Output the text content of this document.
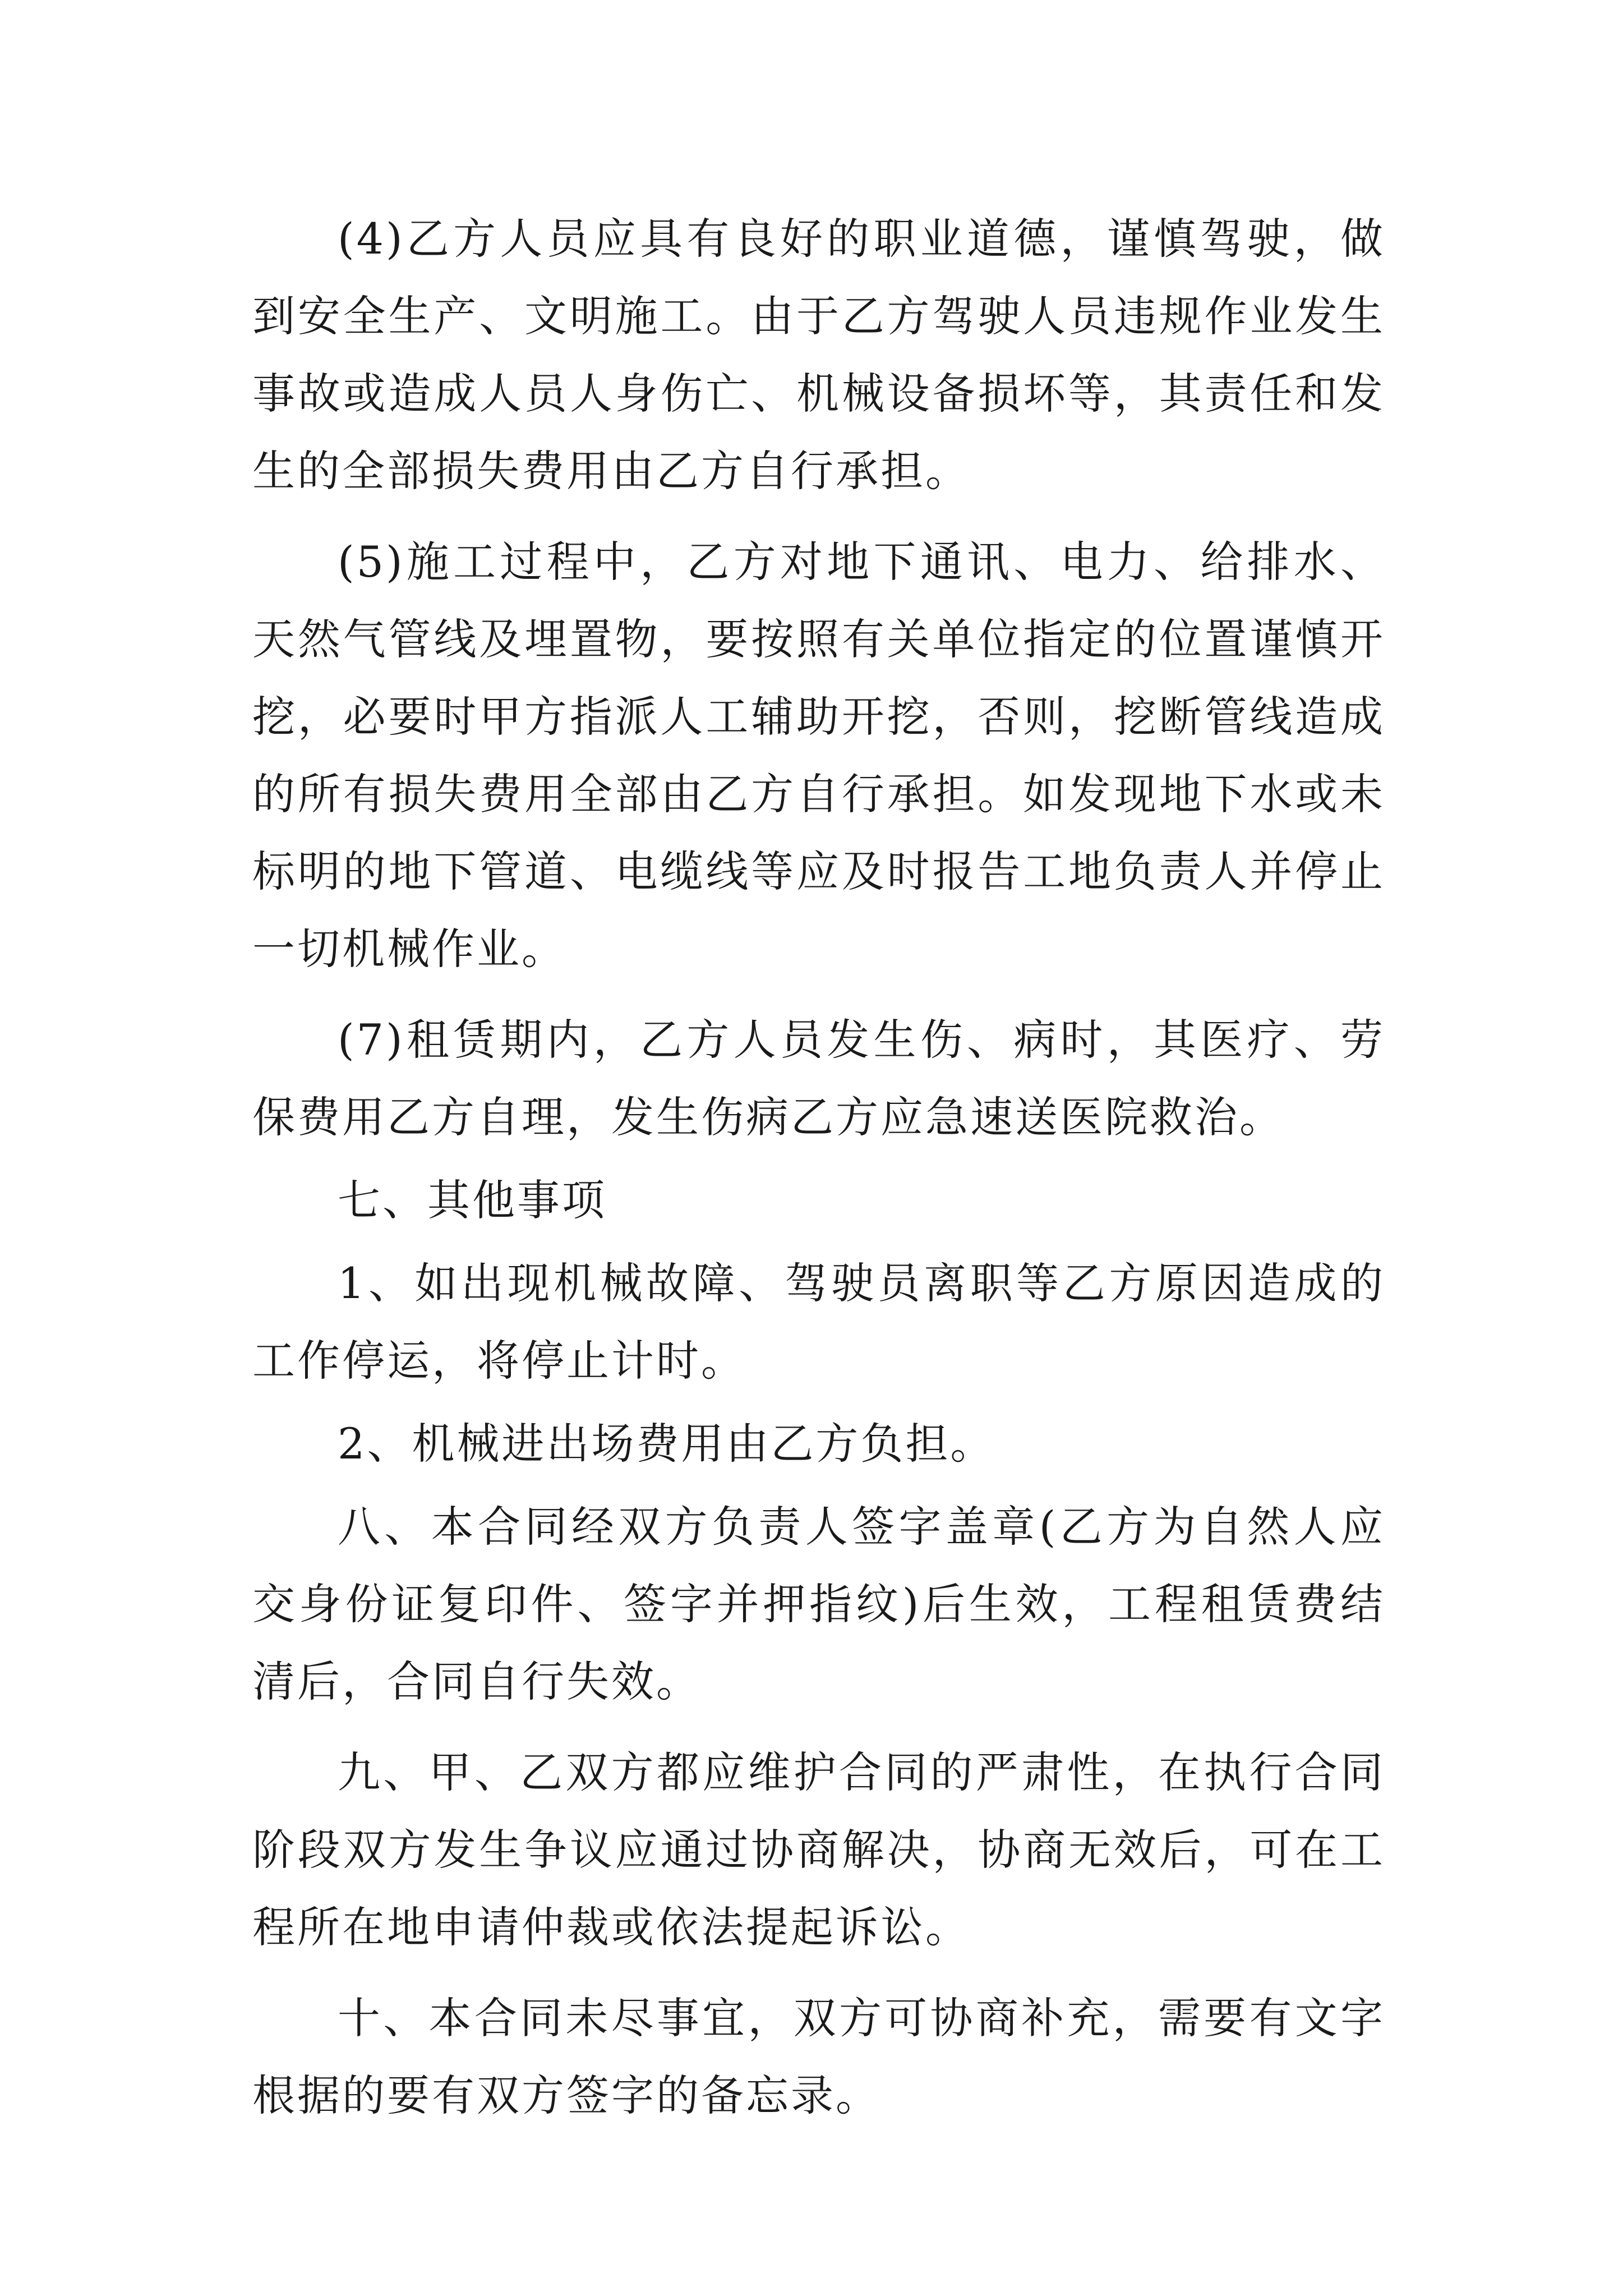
(4)乙方人员应具有良好的职业道德，谨慎驾驶，做到安全生产、文明施工。由于乙方驾驶人员违规作业发生事故或造成人员人身伤亡、机械设备损坏等，其责任和发生的全部损失费用由乙方自行承担。

(5)施工过程中，乙方对地下通讯、电力、给排水、天然气管线及埋置物，要按照有关单位指定的位置谨慎开挖，必要时甲方指派人工辅助开挖，否则，挖断管线造成的所有损失费用全部由乙方自行承担。如发现地下水或未标明的地下管道、电缆线等应及时报告工地负责人并停止一切机械作业。

(7)租赁期内，乙方人员发生伤、病时，其医疗、劳保费用乙方自理，发生伤病乙方应急速送医院救治。

七、其他事项

1、如出现机械故障、驾驶员离职等乙方原因造成的工作停运，将停止计时。

2、机械进出场费用由乙方负担。

八、本合同经双方负责人签字盖章(乙方为自然人应交身份证复印件、签字并押指纹)后生效，工程租赁费结清后，合同自行失效。

九、甲、乙双方都应维护合同的严肃性，在执行合同阶段双方发生争议应通过协商解决，协商无效后，可在工程所在地申请仲裁或依法提起诉讼。

十、本合同未尽事宜，双方可协商补充，需要有文字根据的要有双方签字的备忘录。
